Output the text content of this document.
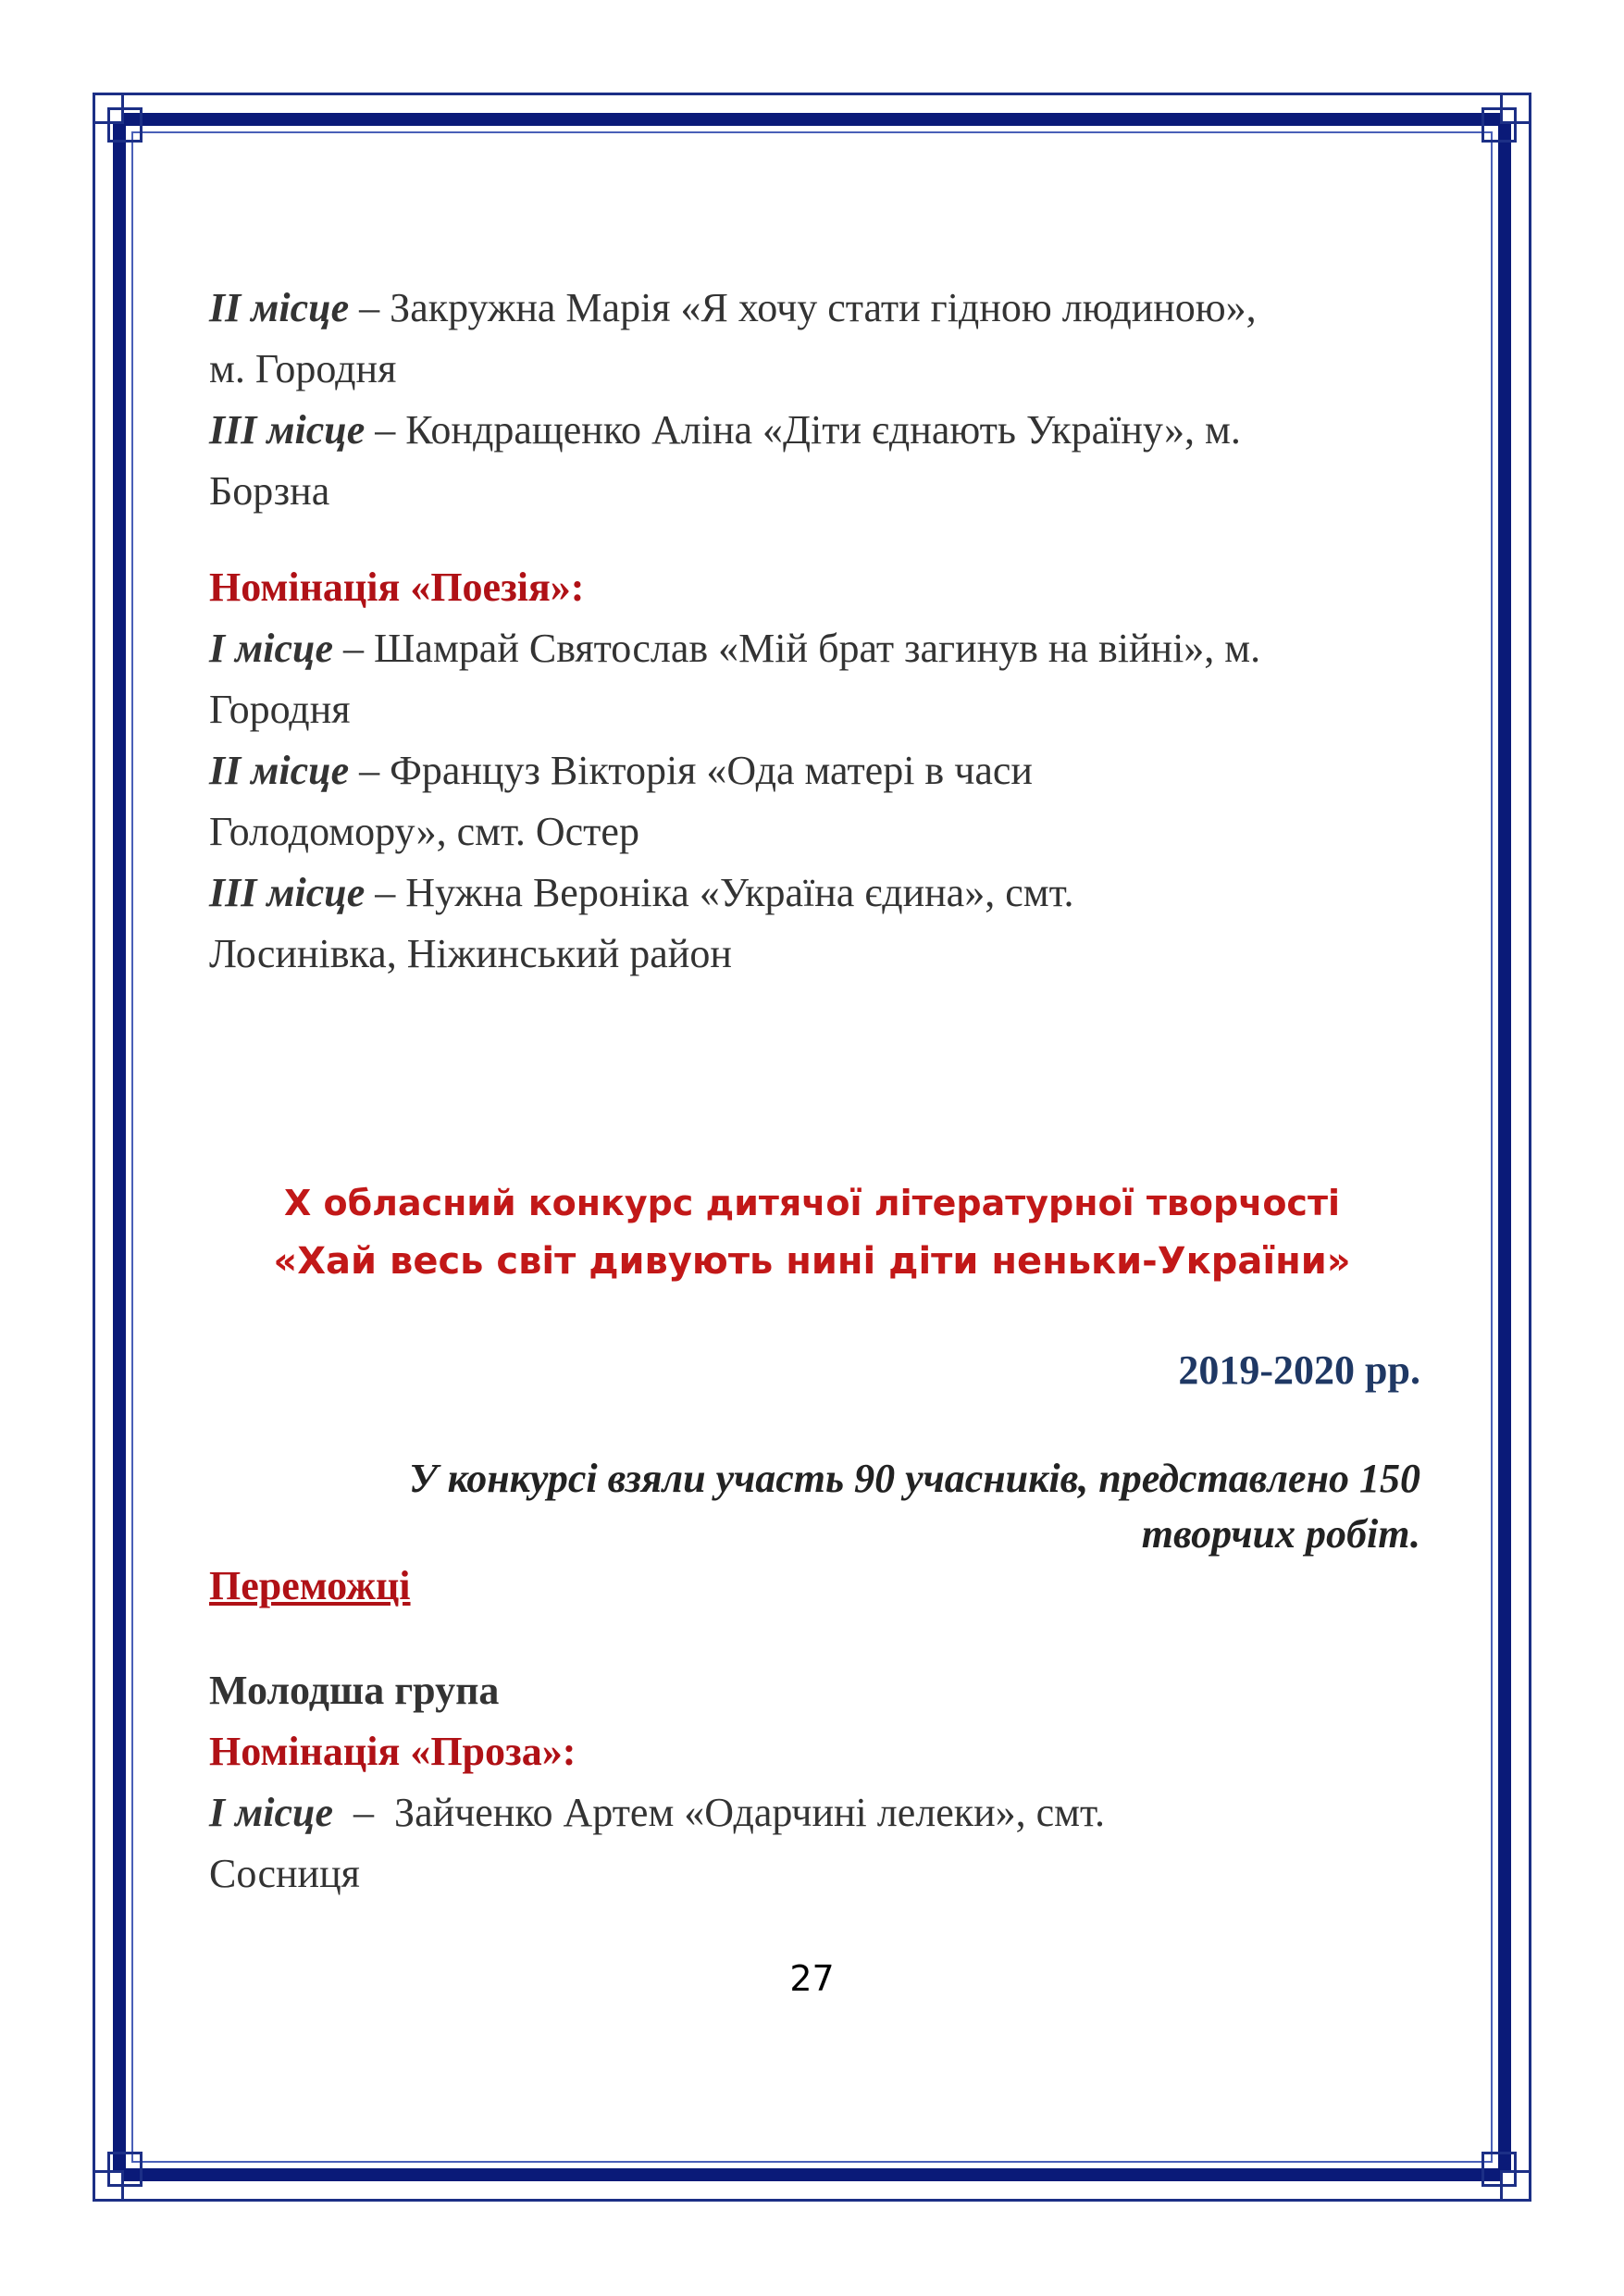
II місце – Закружна Марія «Я хочу стати гідною людиною»,

м. Городня

III місце – Кондращенко Аліна «Діти єднають Україну», м.

Борзна

Номінація «Поезія»:

I місце – Шамрай Святослав «Мій брат загинув на війні», м.

Городня

II місце – Француз Вікторія «Ода матері в часи

Голодомору», смт. Остер

III місце – Нужна Вероніка «Україна єдина», смт.

Лосинівка, Ніжинський район

X обласний конкурс дитячої літературної творчості

«Хай весь світ дивують нині діти неньки-України»

2019-2020 рр.

У конкурсі взяли участь 90 учасників, представлено 150
творчих робіт.

Переможці

Молодша група

Номінація «Проза»:

I місце  –  Зайченко Артем «Одарчині лелеки», смт.

Сосниця

27
